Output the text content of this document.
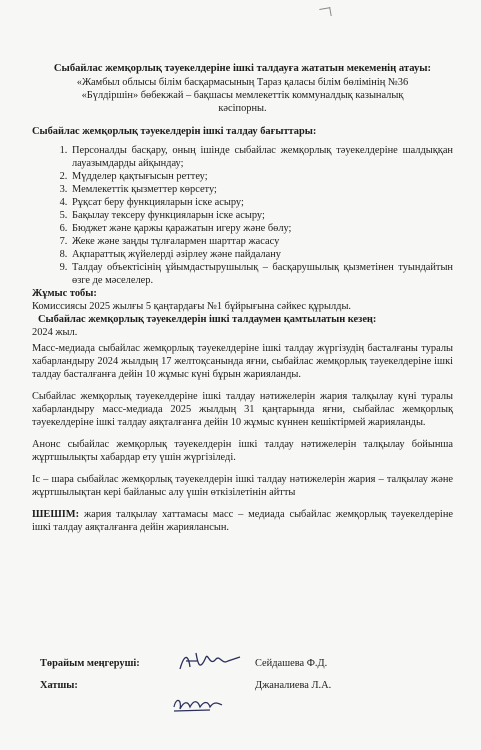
Сыбайлас жемқорлық тәуекелдеріне ішкі талдауға жататын мекеменің атауы:
«Жамбыл облысы білім басқармасының Тараз қаласы білім бөлімінің №36
«Бүлдіршін» бөбекжай – бақшасы мемлекеттік коммуналдық казыналық
кәсіпорны.
Сыбайлас жемқорлық тәуекелдерін ішкі талдау бағыттары:
1. Персоналды басқару, оның ішінде сыбайлас жемқорлық тәуекелдеріне шалдыққан лауазымдарды айқындау;
2. Мүдделер қақтығысын реттеу;
3. Мемлекеттік қызметтер көрсету;
4. Рұқсат беру функцияларын іске асыру;
5. Бақылау тексеру функцияларын іске асыру;
6. Бюджет және қаржы қаражатын игеру және бөлу;
7. Жеке және заңды тұлғалармен шарттар жасасу
8. Ақпараттық жүйелерді әзірлеу және пайдалану
9. Талдау объектісінің ұйымдастырушылық – басқарушылық қызметінен туындайтын өзге де мәселелер.
Жұмыс тобы:
Комиссиясы 2025 жылғы 5 қаңтардағы №1 бұйрығына сәйкес құрылды.
Сыбайлас жемқорлық тәуекелдерін ішкі талдаумен қамтылатын кезең:
2024 жыл.
Масс-медиада сыбайлас жемқорлық тәуекелдеріне ішкі талдау жүргізудің басталғаны туралы хабарландыру 2024 жылдың 17 желтоқсанында яғни, сыбайлас жемқорлық тәуекелдеріне ішкі талдау басталғанға дейін 10 жұмыс күні бұрын жарияланды.
Сыбайлас жемқорлық тәуекелдеріне ішкі талдау нәтижелерін жария талқылау күні туралы хабарландыру масс-медиада 2025 жылдың 31 қаңтарында яғни, сыбайлас жемқорлық тәуекелдеріне ішкі талдау аяқталғанға дейін 10 жұмыс күннен кешіктірмей жарияланды.
Анонс сыбайлас жемқорлық тәуекелдерін ішкі талдау нәтижелерін талқылау бойынша жұртшылықты хабардар ету үшін жүргізіледі.
Іс – шара сыбайлас жемқорлық тәуекелдерін ішкі талдау нәтижелерін жария – талқылау және жұртшылықтан кері байланыс алу үшін өткізілетінін айтты
ШЕШІМ: жария талқылау хаттамасы масс – медиада сыбайлас жемқорлық тәуекелдеріне ішкі талдау аяқталғанға дейін жариялансын.
Төрайым меңгеруші:	Сейдашева Ф.Д.
Хатшы:	Джаналиева Л.А.
